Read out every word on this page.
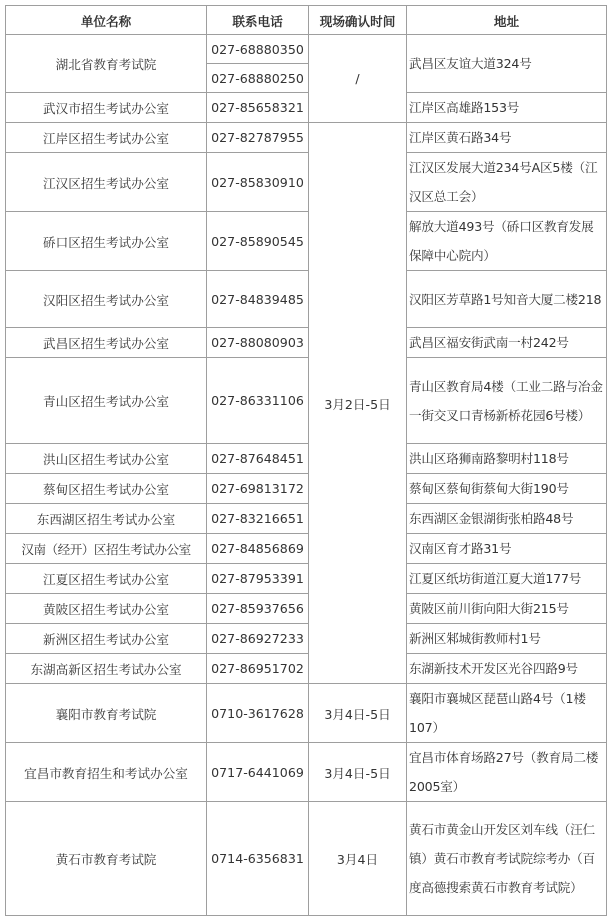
单位名称	联系电话	现场确认时间	地址
湖北省教育考试院	027-68880350	/	武昌区友谊大道324号
	027-68880250		
武汉市招生考试办公室	027-85658321		江岸区高雄路153号
江岸区招生考试办公室	027-82787955	3月2日-5日	江岸区黄石路34号
江汉区招生考试办公室	027-85830910		江汉区发展大道234号A区5楼（江汉区总工会）
硚口区招生考试办公室	027-85890545		解放大道493号（硚口区教育发展保障中心院内）
汉阳区招生考试办公室	027-84839485		汉阳区芳草路1号知音大厦二楼218
武昌区招生考试办公室	027-88080903		武昌区福安街武南一村242号
青山区招生考试办公室	027-86331106		青山区教育局4楼（工业二路与冶金一街交叉口青杨新桥花园6号楼）
洪山区招生考试办公室	027-87648451		洪山区珞狮南路黎明村118号
蔡甸区招生考试办公室	027-69813172		蔡甸区蔡甸街蔡甸大街190号
东西湖区招生考试办公室	027-83216651		东西湖区金银湖街张柏路48号
汉南（经开）区招生考试办公室	027-84856869		汉南区育才路31号
江夏区招生考试办公室	027-87953391		江夏区纸坊街道江夏大道177号
黄陂区招生考试办公室	027-85937656		黄陂区前川街向阳大街215号
新洲区招生考试办公室	027-86927233		新洲区邾城街教师村1号
东湖高新区招生考试办公室	027-86951702		东湖新技术开发区光谷四路9号
襄阳市教育考试院	0710-3617628	3月4日-5日	襄阳市襄城区琵琶山路4号（1楼107）
宜昌市教育招生和考试办公室	0717-6441069	3月4日-5日	宜昌市体育场路27号（教育局二楼2005室）
黄石市教育考试院	0714-6356831	3月4日	黄石市黄金山开发区刘车线（汪仁镇）黄石市教育考试院综考办（百度高德搜索黄石市教育考试院）
